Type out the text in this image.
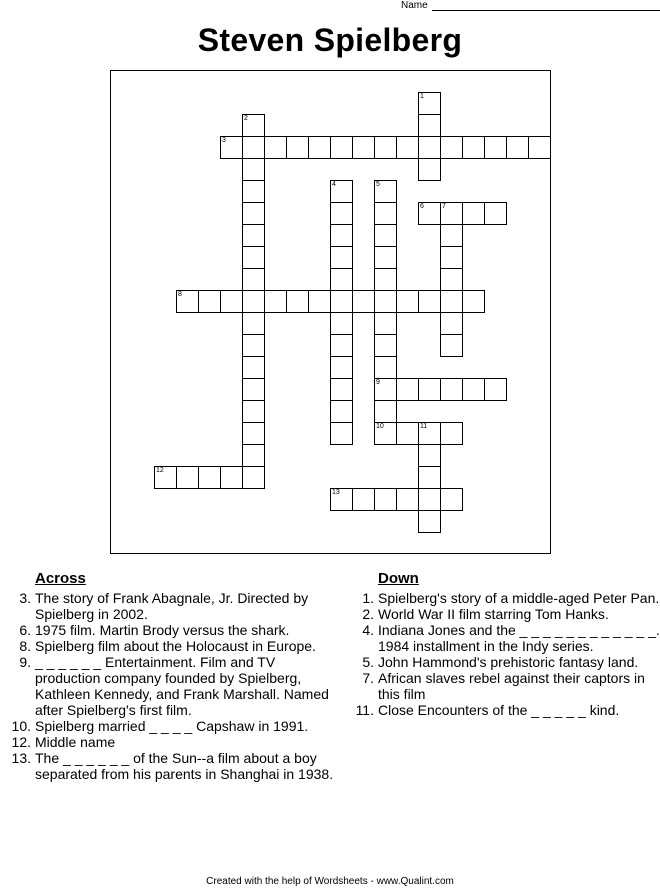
Name
Steven Spielberg
1
2
3
4	5
9
10
6	7
8
11
12
13
Across
3. The story of Frank Abagnale, Jr. Directed by Spielberg in 2002.
6. 1975 film. Martin Brody versus the shark.
8. Spielberg film about the Holocaust in Europe.
9. _ _ _ _ _ _ Entertainment. Film and TV production company founded by Spielberg, Kathleen Kennedy, and Frank Marshall. Named after Spielberg's first film.
10. Spielberg married _ _ _ _ Capshaw in 1991.
12. Middle name
13. The _ _ _ _ _ _ of the Sun--a film about a boy separated from his parents in Shanghai in 1938.
Down
1. Spielberg's story of a middle-aged Peter Pan.
2. World War II film starring Tom Hanks.
4. Indiana Jones and the _ _ _ _ _ _ _ _ _ _ _ _. 1984 installment in the Indy series.
5. John Hammond's prehistoric fantasy land.
7. African slaves rebel against their captors in this film
11. Close Encounters of the _ _ _ _ _ kind.
Created with the help of Wordsheets - www.Qualint.com
